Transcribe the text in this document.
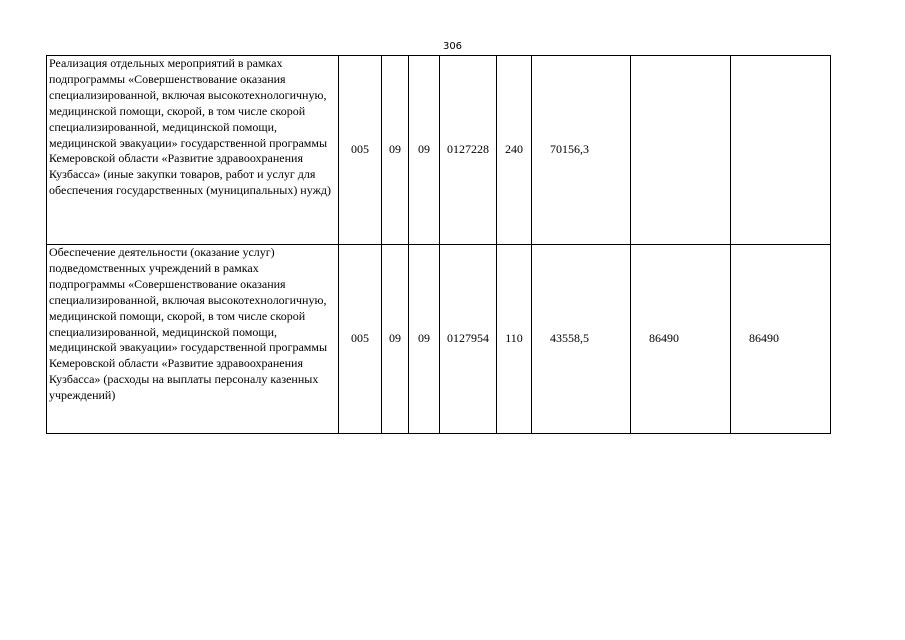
306
Реализация отдельных мероприятий в рамках подпрограммы «Совершенствование оказания специализированной, включая высокотехнологичную, медицинской помощи, скорой, в том числе скорой специализированной, медицинской помощи, медицинской эвакуации» государственной программы Кемеровской области «Развитие здравоохранения Кузбасса» (иные закупки товаров, работ и услуг для обеспечения государственных (муниципальных) нужд)	005	09	09	0127228	240	70156,3		
Обеспечение деятельности (оказание услуг) подведомственных учреждений в рамках подпрограммы «Совершенствование оказания специализированной, включая высокотехнологичную, медицинской помощи, скорой, в том числе скорой специализированной, медицинской помощи, медицинской эвакуации» государственной программы Кемеровской области «Развитие здравоохранения Кузбасса» (расходы на выплаты персоналу казенных учреждений)	005	09	09	0127954	110	43558,5	86490	86490
